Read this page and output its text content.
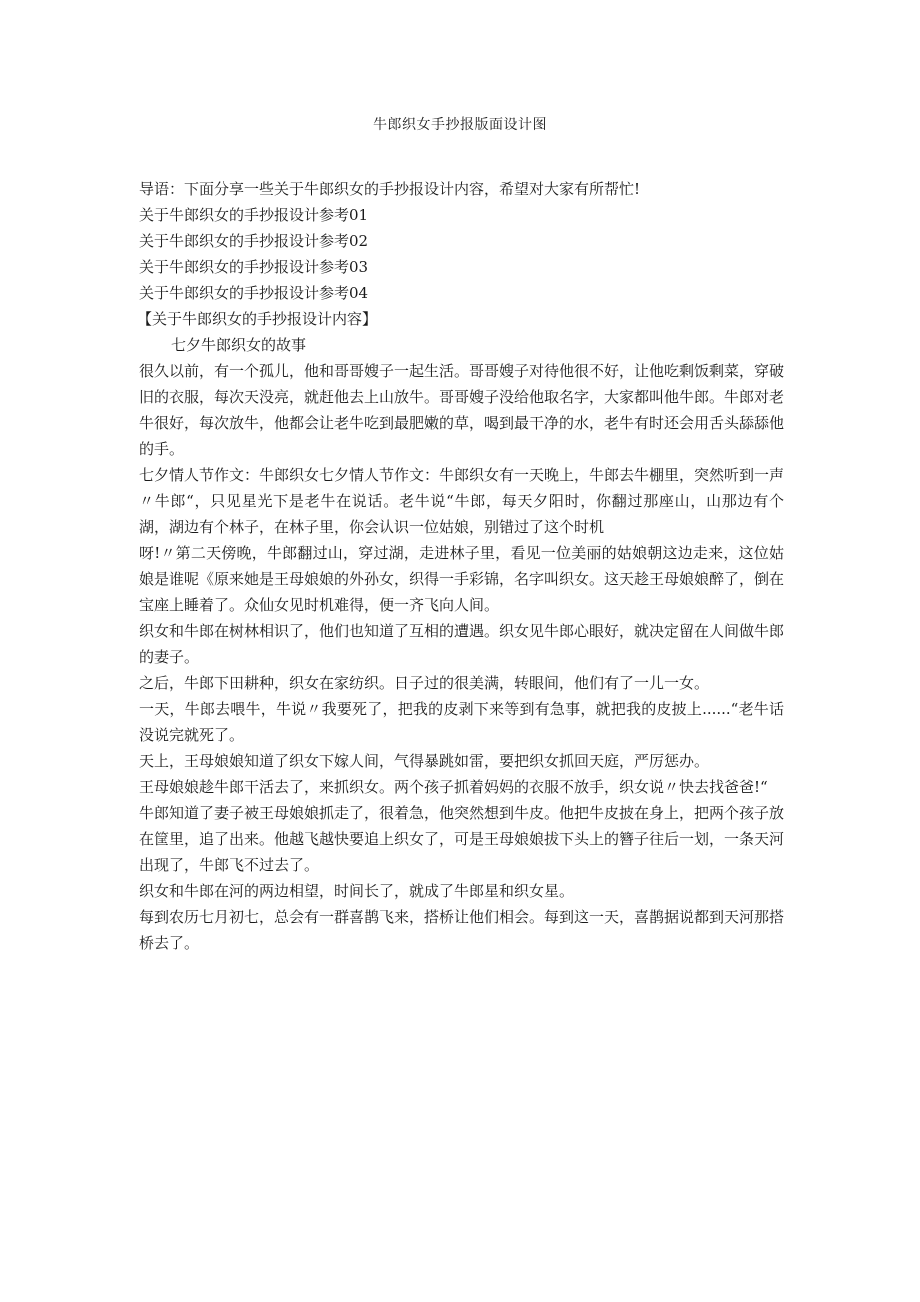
牛郎织女手抄报版面设计图

导语：下面分享一些关于牛郎织女的手抄报设计内容，希望对大家有所帮忙!

关于牛郎织女的手抄报设计参考01

关于牛郎织女的手抄报设计参考02

关于牛郎织女的手抄报设计参考03

关于牛郎织女的手抄报设计参考04

【关于牛郎织女的手抄报设计内容】

七夕牛郎织女的故事

很久以前，有一个孤儿，他和哥哥嫂子一起生活。哥哥嫂子对待他很不好，让他吃剩饭剩菜，穿破旧的衣服，每次天没亮，就赶他去上山放牛。哥哥嫂子没给他取名字，大家都叫他牛郎。牛郎对老牛很好，每次放牛，他都会让老牛吃到最肥嫩的草，喝到最干净的水，老牛有时还会用舌头舔舔他的手。

七夕情人节作文：牛郎织女七夕情人节作文：牛郎织女有一天晚上，牛郎去牛棚里，突然听到一声〃牛郎“，只见星光下是老牛在说话。老牛说“牛郎，每天夕阳时，你翻过那座山，山那边有个湖，湖边有个林子，在林子里，你会认识一位姑娘，别错过了这个时机

呀!〃第二天傍晚，牛郎翻过山，穿过湖，走进林子里，看见一位美丽的姑娘朝这边走来，这位姑娘是谁呢《原来她是王母娘娘的外孙女，织得一手彩锦，名字叫织女。这天趁王母娘娘醉了，倒在宝座上睡着了。众仙女见时机难得，便一齐飞向人间。

织女和牛郎在树林相识了，他们也知道了互相的遭遇。织女见牛郎心眼好，就决定留在人间做牛郎的妻子。

之后，牛郎下田耕种，织女在家纺织。日子过的很美满，转眼间，他们有了一儿一女。

一天，牛郎去喂牛，牛说〃我要死了，把我的皮剥下来等到有急事，就把我的皮披上......“老牛话没说完就死了。

天上，王母娘娘知道了织女下嫁人间，气得暴跳如雷，要把织女抓回天庭，严厉惩办。

王母娘娘趁牛郎干活去了，来抓织女。两个孩子抓着妈妈的衣服不放手，织女说〃快去找爸爸!“

牛郎知道了妻子被王母娘娘抓走了，很着急，他突然想到牛皮。他把牛皮披在身上，把两个孩子放在筐里，追了出来。他越飞越快要追上织女了，可是王母娘娘拔下头上的簪子往后一划，一条天河出现了，牛郎飞不过去了。

织女和牛郎在河的两边相望，时间长了，就成了牛郎星和织女星。

每到农历七月初七，总会有一群喜鹊飞来，搭桥让他们相会。每到这一天，喜鹊据说都到天河那搭桥去了。
